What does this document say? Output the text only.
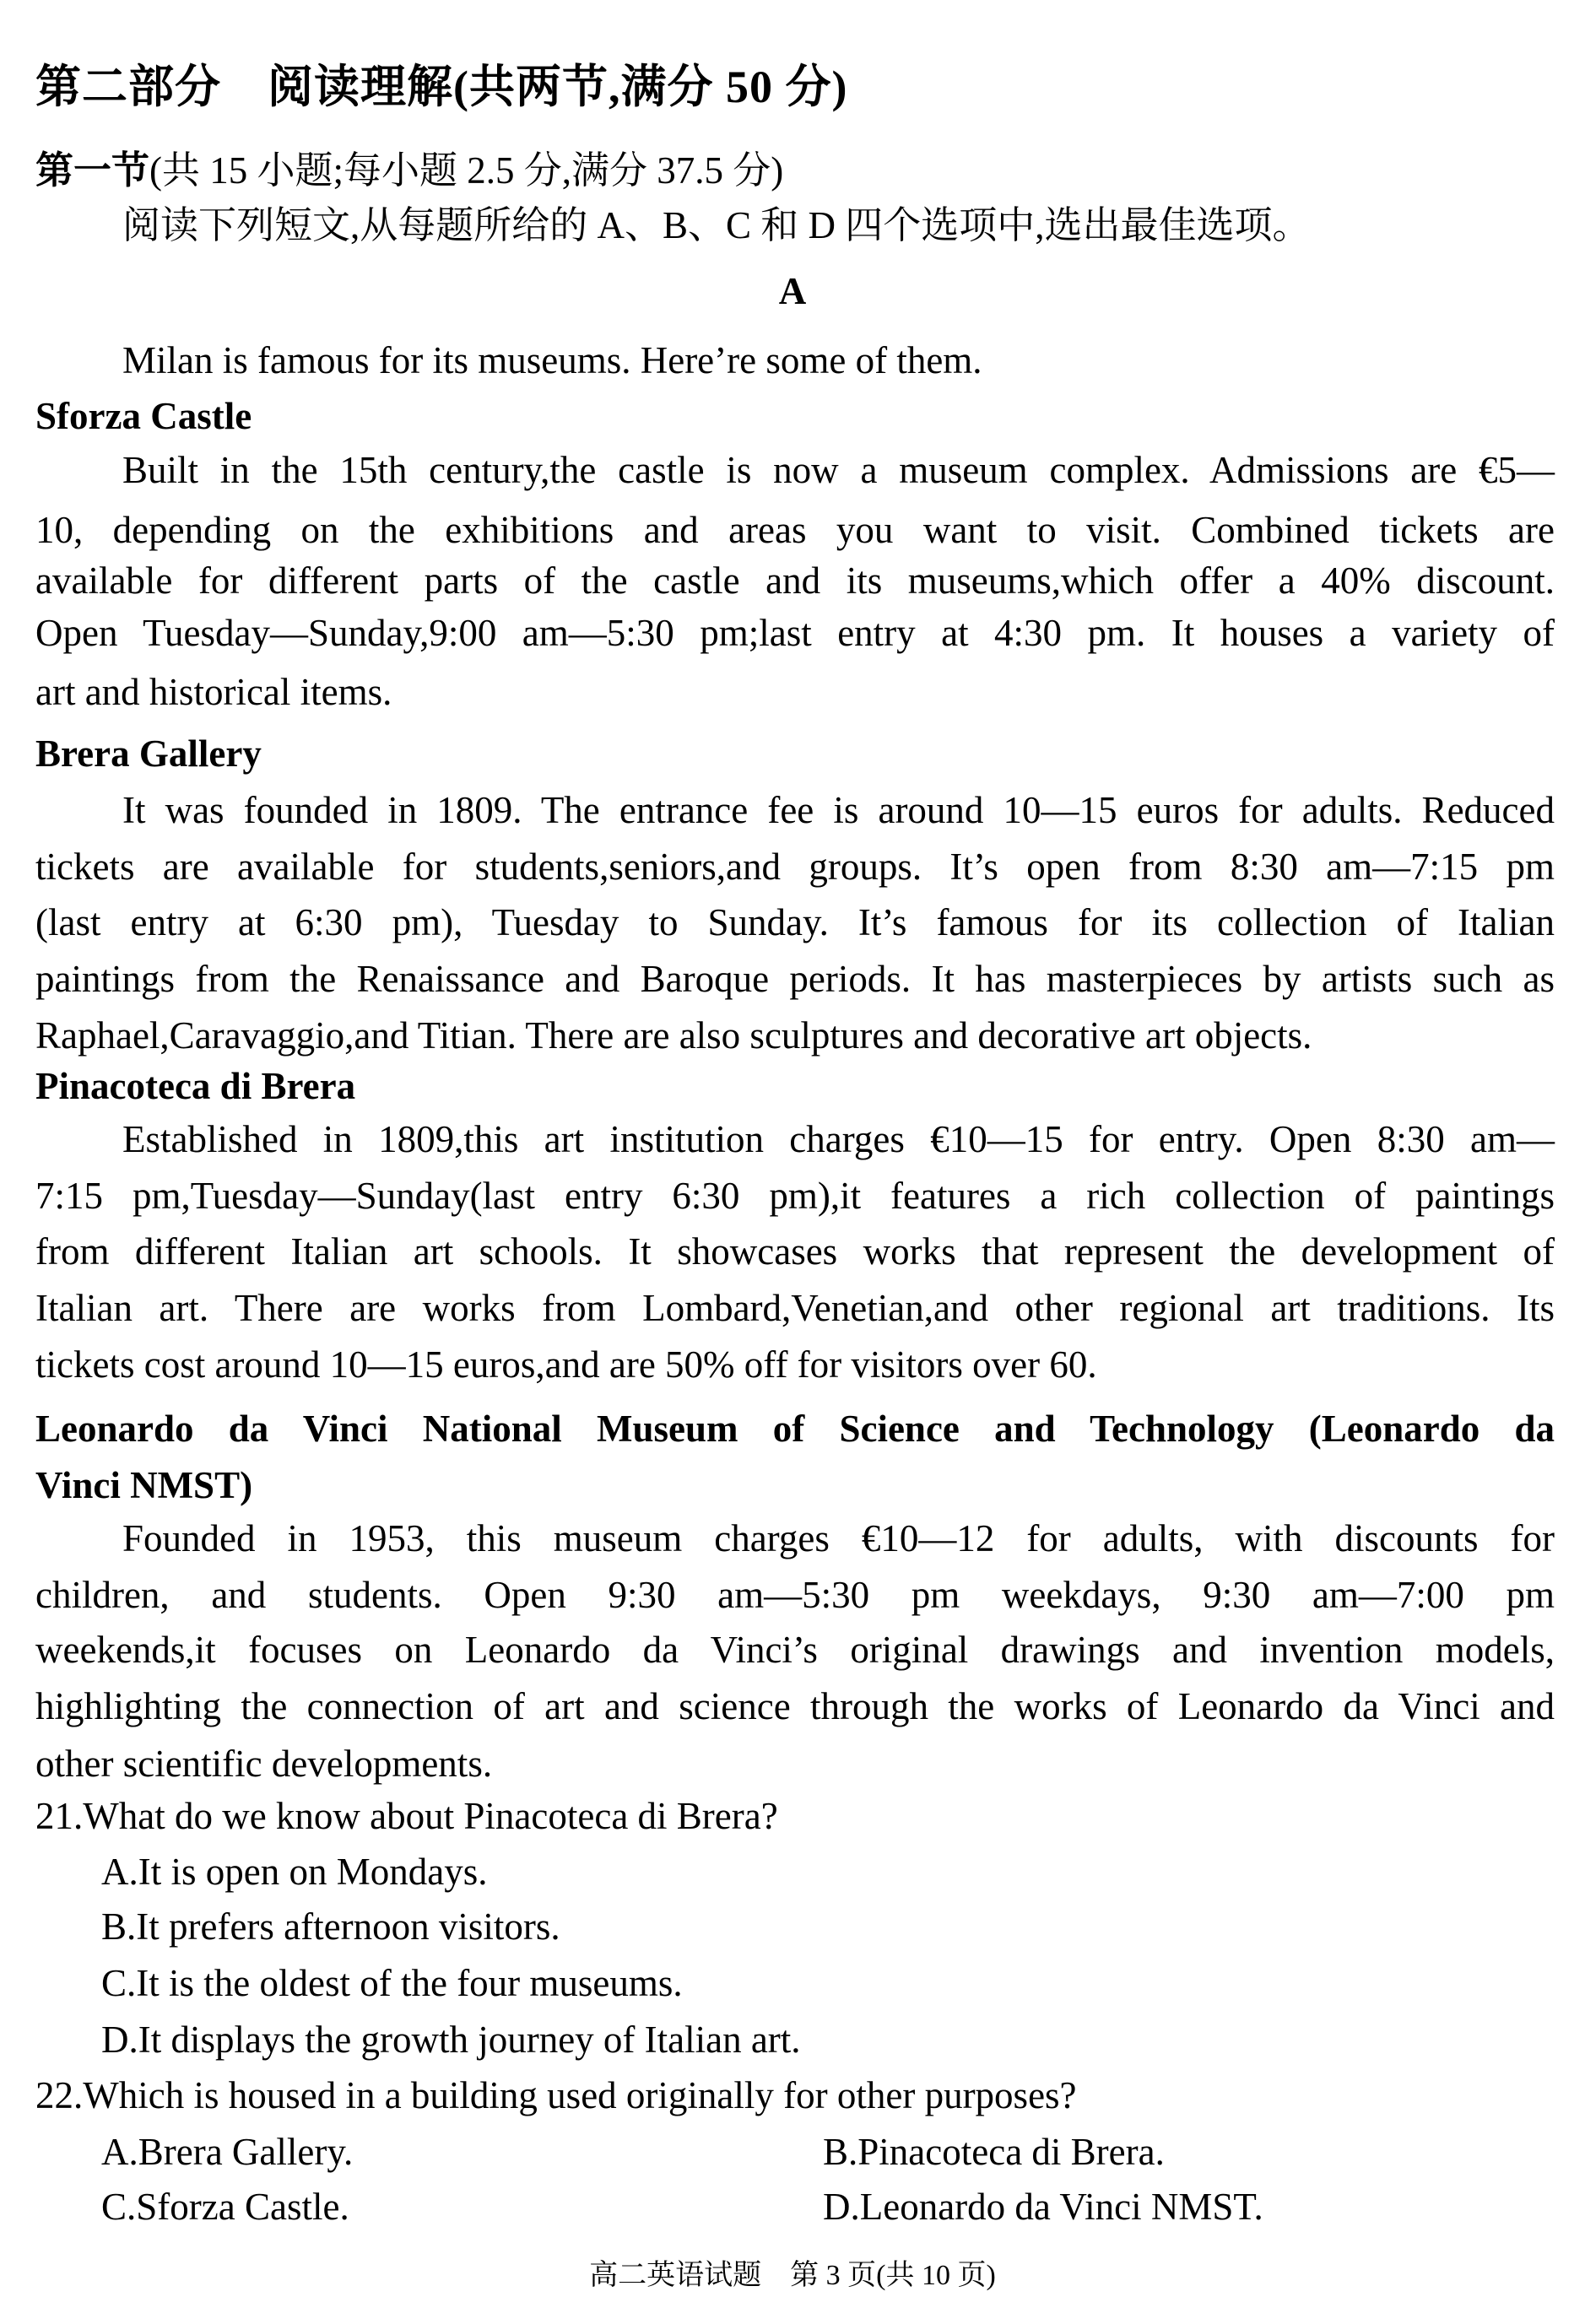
第二部分　阅读理解(共两节,满分 50 分)
第一节(共 15 小题;每小题 2.5 分,满分 37.5 分)
阅读下列短文,从每题所给的 A、B、C 和 D 四个选项中,选出最佳选项。
A
Milan is famous for its museums. Here’re some of them.
Sforza Castle
Built in the 15th century,the castle is now a museum complex. Admissions are €5—
10, depending on the exhibitions and areas you want to visit. Combined tickets are
available for different parts of the castle and its museums,which offer a 40% discount.
Open Tuesday—Sunday,9:00 am—5:30 pm;last entry at 4:30 pm. It houses a variety of
art and historical items.
Brera Gallery
It was founded in 1809. The entrance fee is around 10—15 euros for adults. Reduced
tickets are available for students,seniors,and groups. It’s open from 8:30 am—7:15 pm
(last entry at 6:30 pm), Tuesday to Sunday. It’s famous for its collection of Italian
paintings from the Renaissance and Baroque periods. It has masterpieces by artists such as
Raphael,Caravaggio,and Titian. There are also sculptures and decorative art objects.
Pinacoteca di Brera
Established in 1809,this art institution charges €10—15 for entry. Open 8:30 am—
7:15 pm,Tuesday—Sunday(last entry 6:30 pm),it features a rich collection of paintings
from different Italian art schools. It showcases works that represent the development of
Italian art. There are works from Lombard,Venetian,and other regional art traditions. Its
tickets cost around 10—15 euros,and are 50% off for visitors over 60.
Leonardo da Vinci National Museum of Science and Technology (Leonardo da
Vinci NMST)
Founded in 1953, this museum charges €10—12 for adults, with discounts for
children, and students. Open 9:30 am—5:30 pm weekdays, 9:30 am—7:00 pm
weekends,it focuses on Leonardo da Vinci’s original drawings and invention models,
highlighting the connection of art and science through the works of Leonardo da Vinci and
other scientific developments.
21.What do we know about Pinacoteca di Brera?
A.It is open on Mondays.
B.It prefers afternoon visitors.
C.It is the oldest of the four museums.
D.It displays the growth journey of Italian art.
22.Which is housed in a building used originally for other purposes?
A.Brera Gallery.	B.Pinacoteca di Brera.
C.Sforza Castle.	D.Leonardo da Vinci NMST.
高二英语试题　第 3 页(共 10 页)
